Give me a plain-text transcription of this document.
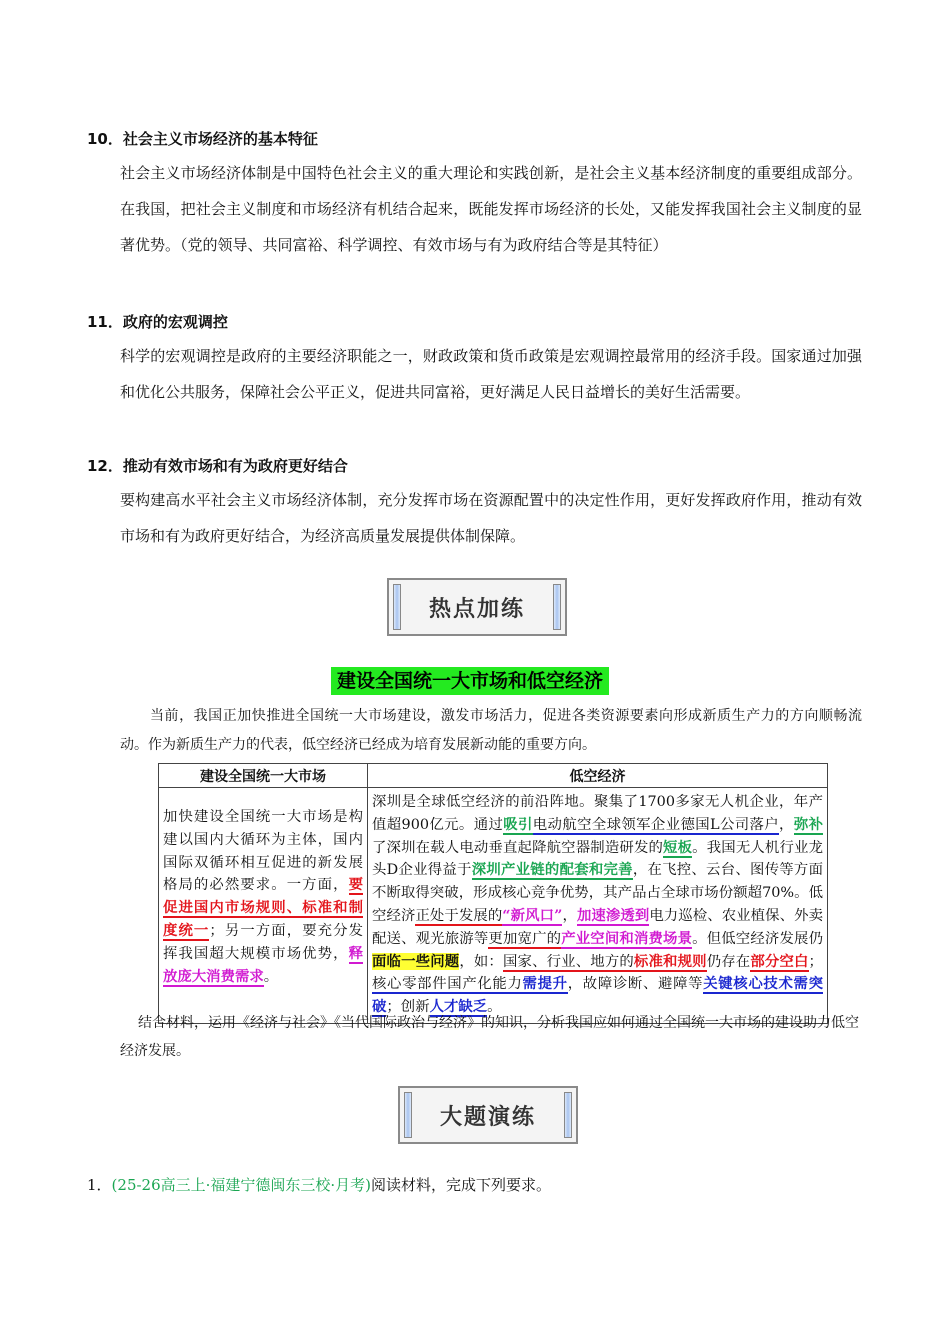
10．社会主义市场经济的基本特征
社会主义市场经济体制是中国特色社会主义的重大理论和实践创新，是社会主义基本经济制度的重要组成部分。在我国，把社会主义制度和市场经济有机结合起来，既能发挥市场经济的长处，又能发挥我国社会主义制度的显著优势。（党的领导、共同富裕、科学调控、有效市场与有为政府结合等是其特征）
11．政府的宏观调控
科学的宏观调控是政府的主要经济职能之一，财政政策和货币政策是宏观调控最常用的经济手段。国家通过加强和优化公共服务，保障社会公平正义，促进共同富裕，更好满足人民日益增长的美好生活需要。
12．推动有效市场和有为政府更好结合
要构建高水平社会主义市场经济体制，充分发挥市场在资源配置中的决定性作用，更好发挥政府作用，推动有效市场和有为政府更好结合，为经济高质量发展提供体制保障。
热点加练
建设全国统一大市场和低空经济
当前，我国正加快推进全国统一大市场建设，激发市场活力，促进各类资源要素向形成新质生产力的方向顺畅流动。作为新质生产力的代表，低空经济已经成为培育发展新动能的重要方向。
建设全国统一大市场	低空经济
加快建设全国统一大市场是构建以国内大循环为主体，国内国际双循环相互促进的新发展格局的必然要求。一方面，要促进国内市场规则、标准和制度统一；另一方面，要充分发挥我国超大规模市场优势，释放庞大消费需求。	深圳是全球低空经济的前沿阵地。聚集了1700多家无人机企业，年产值超900亿元。通过吸引电动航空全球领军企业德国L公司落户，弥补了深圳在载人电动垂直起降航空器制造研发的短板。我国无人机行业龙头D企业得益于深圳产业链的配套和完善，在飞控、云台、图传等方面不断取得突破，形成核心竞争优势，其产品占全球市场份额超70%。低空经济正处于发展的“新风口”，加速渗透到电力巡检、农业植保、外卖配送、观光旅游等更加宽广的产业空间和消费场景。但低空经济发展仍面临一些问题，如：国家、行业、地方的标准和规则仍存在部分空白；核心零部件国产化能力需提升，故障诊断、避障等关键核心技术需突破；创新人才缺乏。
结合材料，运用《经济与社会》《当代国际政治与经济》的知识，分析我国应如何通过全国统一大市场的建设助力低空经济发展。
大题演练
1．(25-26高三上·福建宁德闽东三校·月考)阅读材料，完成下列要求。
